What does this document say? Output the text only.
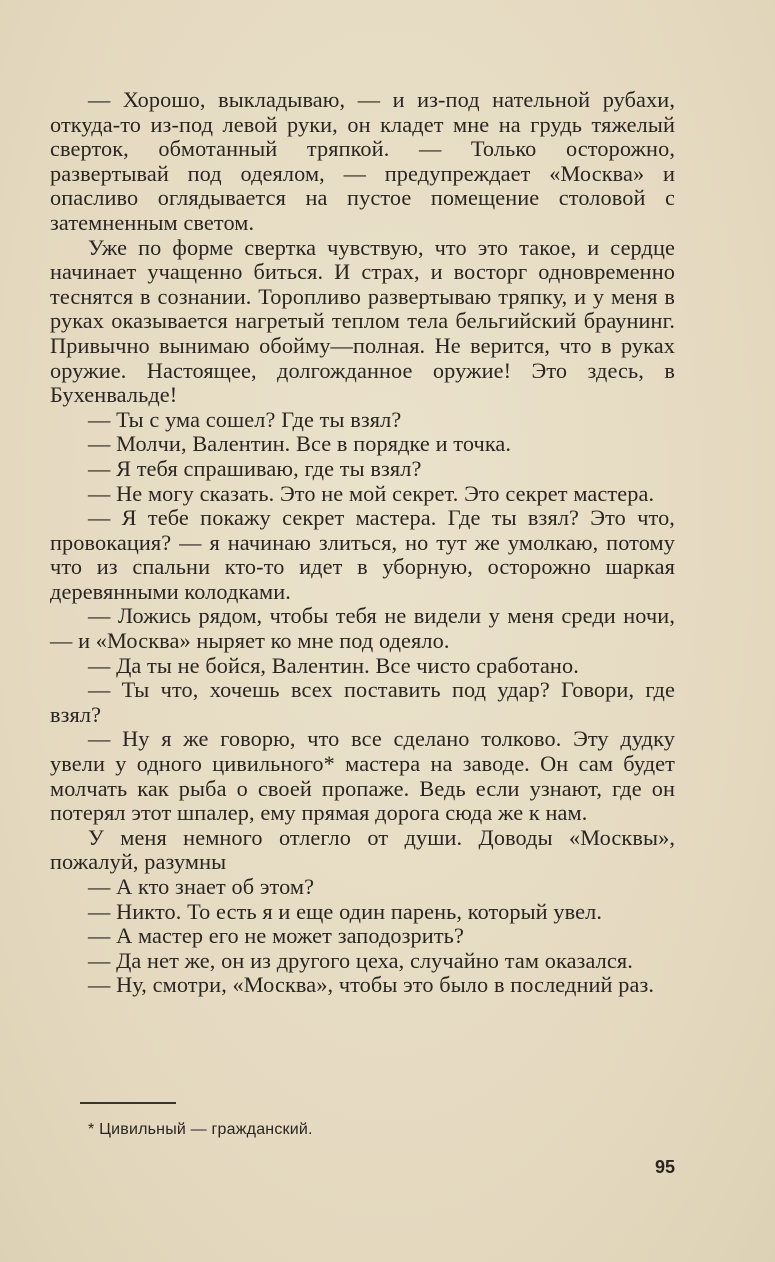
— Хорошо, выкладываю, — и из-под нательной рубахи, откуда-то из-под левой руки, он кладет мне на грудь тяжелый сверток, обмотанный тряпкой. — Только осторожно, развертывай под одеялом, — предупреждает «Москва» и опасливо оглядывается на пустое помещение столовой с затемненным светом.

Уже по форме свертка чувствую, что это такое, и сердце начинает учащенно биться. И страх, и восторг одновременно теснятся в сознании. Торопливо развертываю тряпку, и у меня в руках оказывается нагретый теплом тела бельгийский браунинг. Привычно вынимаю обойму—полная. Не верится, что в руках оружие. Настоящее, долгожданное оружие! Это здесь, в Бухенвальде!

— Ты с ума сошел? Где ты взял?

— Молчи, Валентин. Все в порядке и точка.

— Я тебя спрашиваю, где ты взял?

— Не могу сказать. Это не мой секрет. Это секрет мастера.

— Я тебе покажу секрет мастера. Где ты взял? Это что, провокация? — я начинаю злиться, но тут же умолкаю, потому что из спальни кто-то идет в уборную, осторожно шаркая деревянными колодками.

— Ложись рядом, чтобы тебя не видели у меня среди ночи, — и «Москва» ныряет ко мне под одеяло.

— Да ты не бойся, Валентин. Все чисто сработано.

— Ты что, хочешь всех поставить под удар? Говори, где взял?

— Ну я же говорю, что все сделано толково. Эту дудку увели у одного цивильного* мастера на заводе. Он сам будет молчать как рыба о своей пропаже. Ведь если узнают, где он потерял этот шпалер, ему прямая дорога сюда же к нам.

У меня немного отлегло от души. Доводы «Москвы», пожалуй, разумны

— А кто знает об этом?

— Никто. То есть я и еще один парень, который увел.

— А мастер его не может заподозрить?

— Да нет же, он из другого цеха, случайно там оказался.

— Ну, смотри, «Москва», чтобы это было в последний раз.

* Цивильный — гражданский.
95
